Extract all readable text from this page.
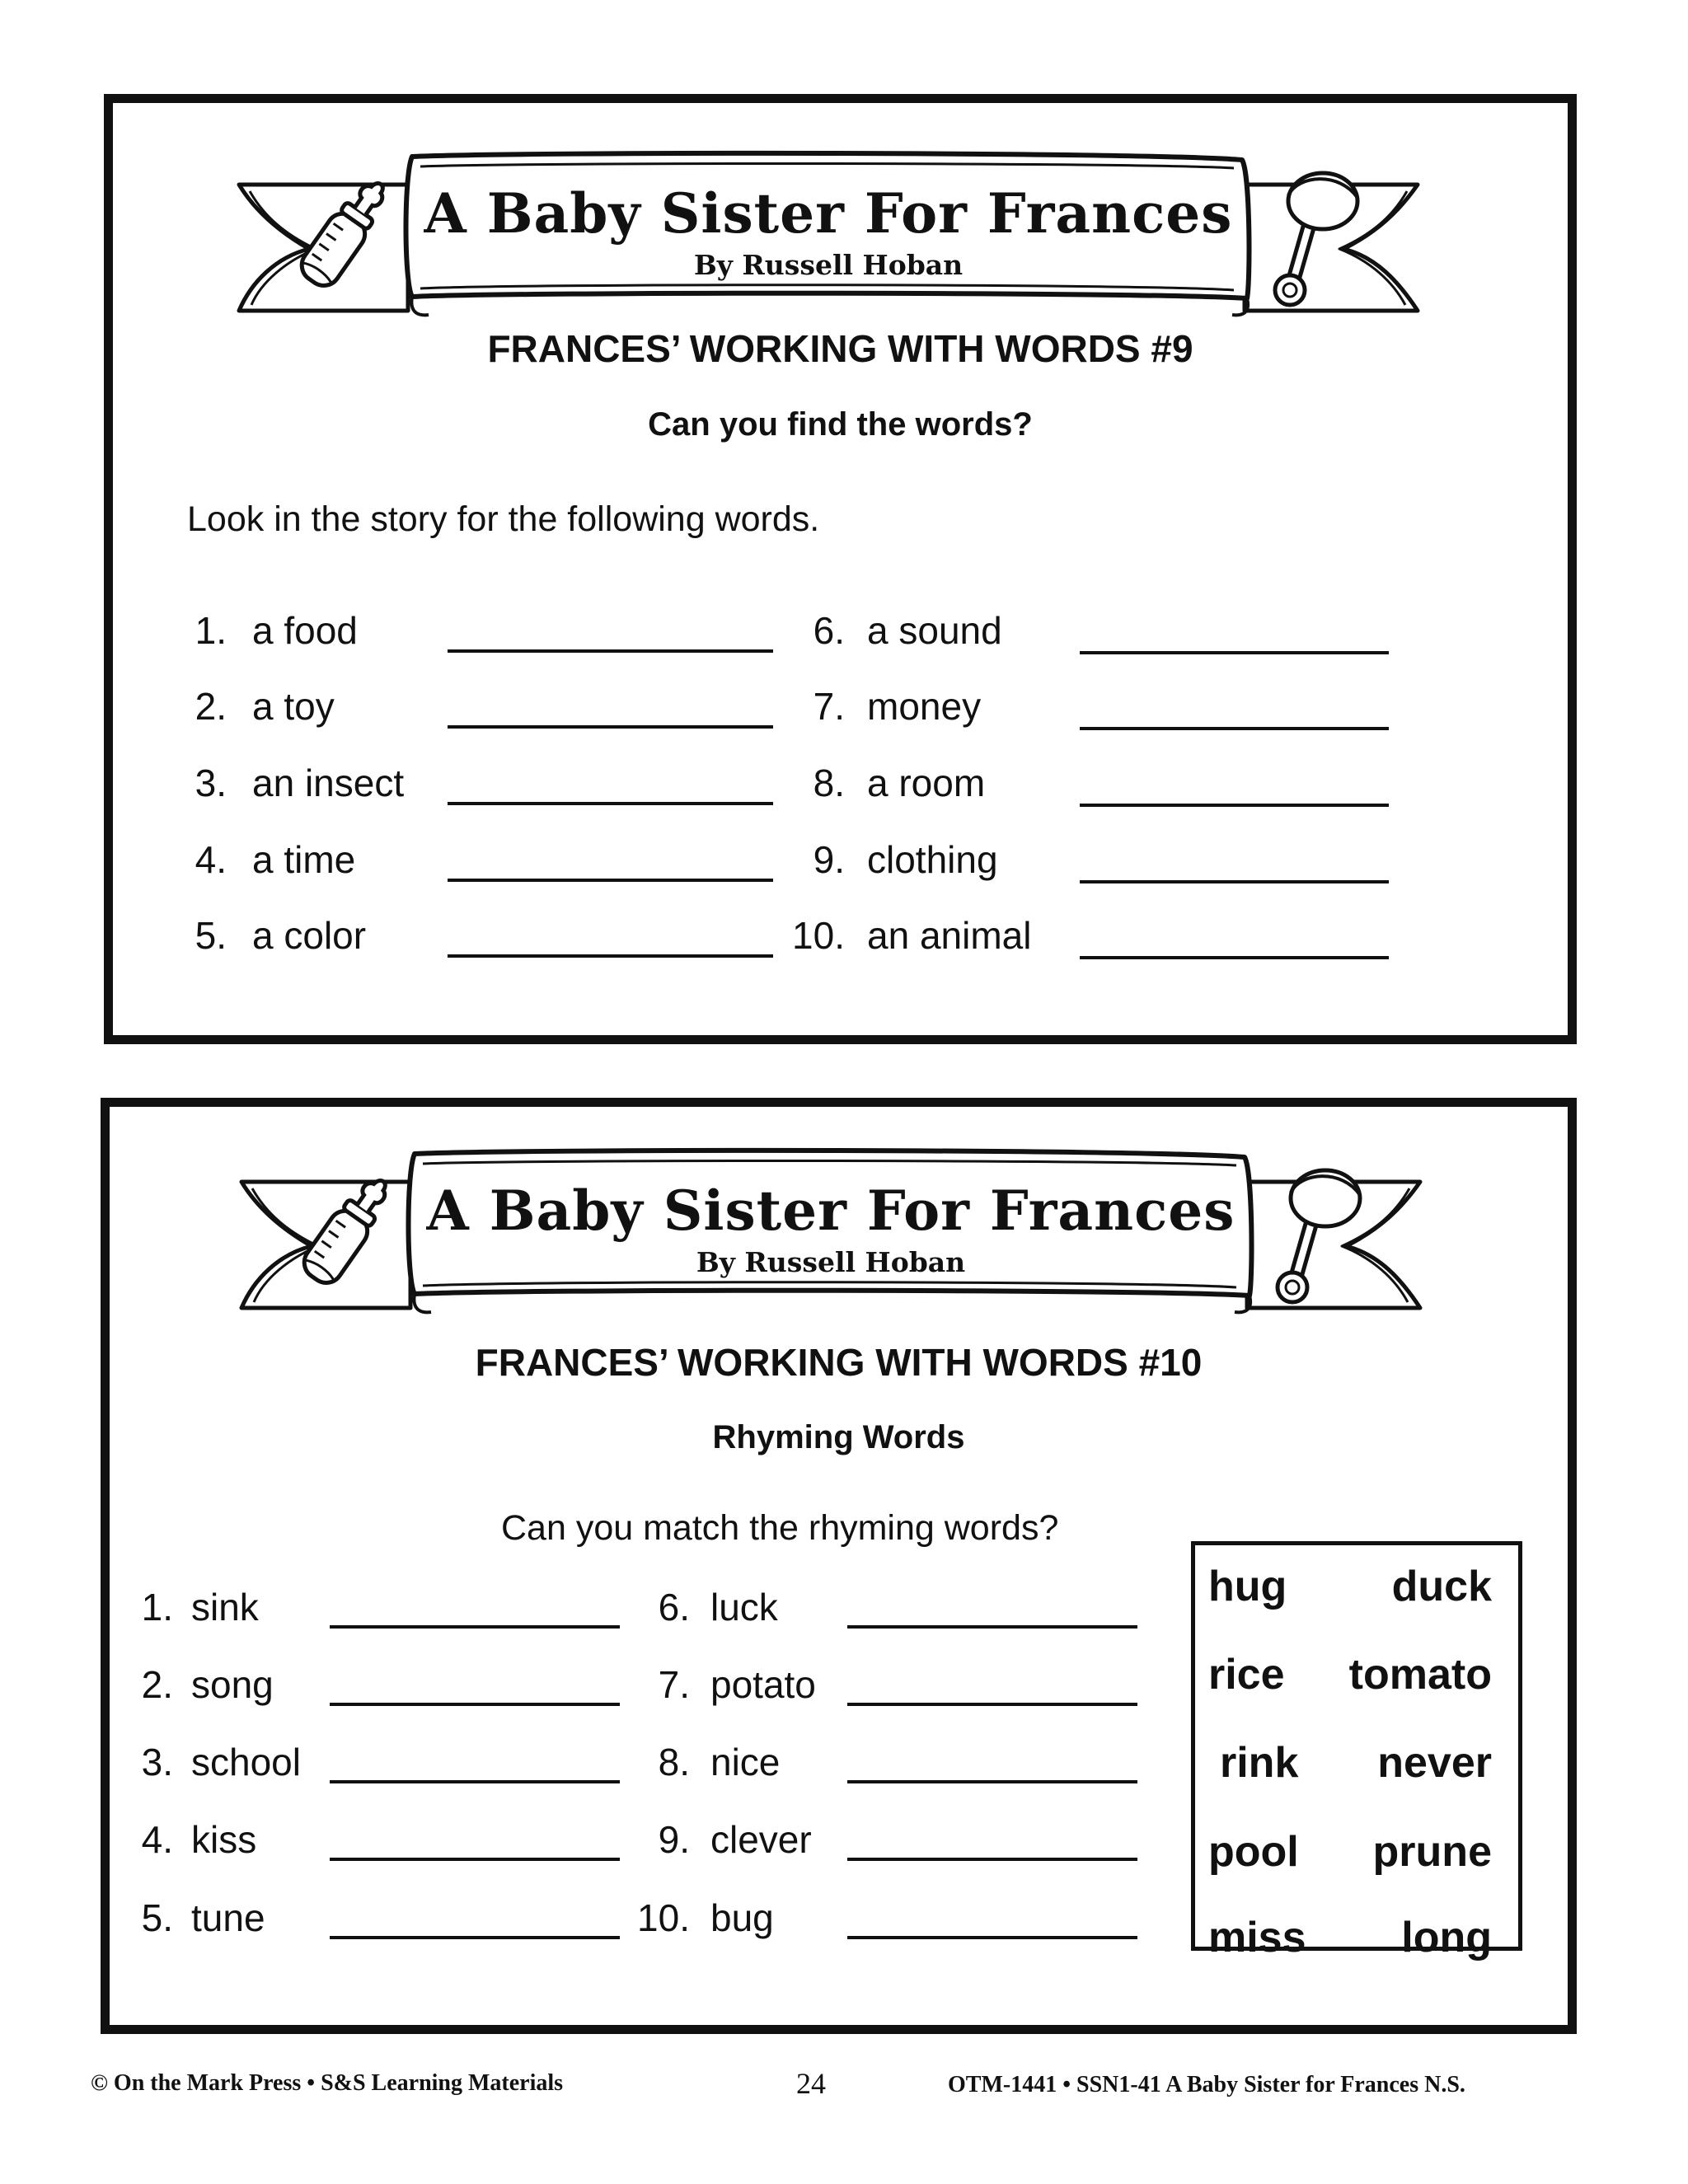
A Baby Sister For Frances
By Russell Hoban
FRANCES’ WORKING WITH WORDS #9
Can you find the words?
Look in the story for the following words.
1. a food
2. a toy
3. an insect
4. a time
5. a color
6. a sound
7. money
8. a room
9. clothing
10. an animal
A Baby Sister For Frances
By Russell Hoban
FRANCES’ WORKING WITH WORDS #10
Rhyming Words
Can you match the rhyming words?
1. sink
2. song
3. school
4. kiss
5. tune
6. luck
7. potato
8. nice
9. clever
10. bug
hug duck
rice tomato
rink never
pool prune
miss long
© On the Mark Press • S&S Learning Materials	24	OTM-1441 • SSN1-41 A Baby Sister for Frances N.S.
